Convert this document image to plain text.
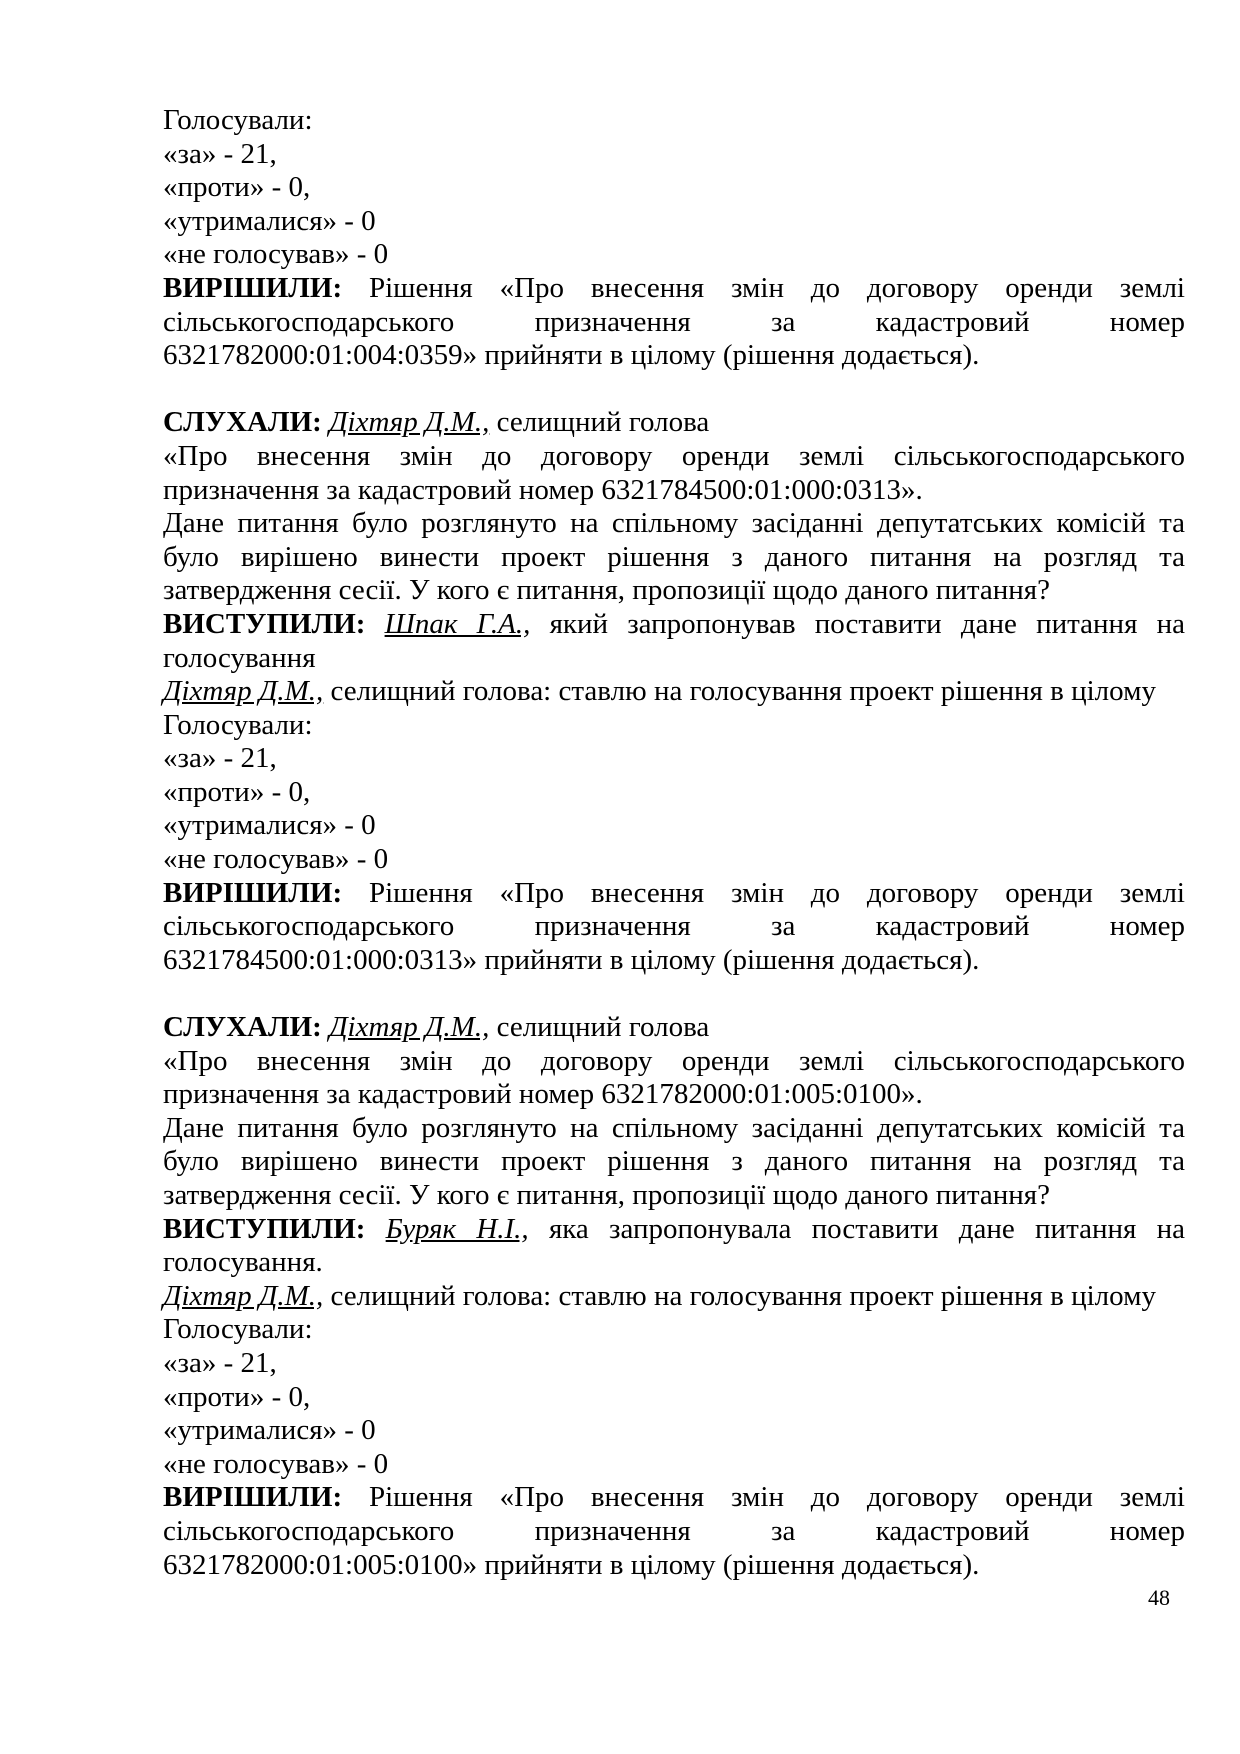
Голосували:
«за» - 21,
«проти» - 0,
«утрималися» - 0
«не голосував» - 0
ВИРІШИЛИ: Рішення «Про внесення змін до договору оренди землі
сільськогосподарського призначення за кадастровий номер
6321782000:01:004:0359» прийняти в цілому (рішення додається).
СЛУХАЛИ: Діхтяр Д.М., селищний голова
«Про внесення змін до договору оренди землі сільськогосподарського
призначення за кадастровий номер 6321784500:01:000:0313».
Дане питання було розглянуто на спільному засіданні депутатських комісій та
було вирішено винести проект рішення з даного питання на розгляд та
затвердження сесії. У кого є питання, пропозиції щодо даного питання?
ВИСТУПИЛИ: Шпак Г.А., який запропонував поставити дане питання на
голосування
Діхтяр Д.М., селищний голова: ставлю на голосування проект рішення в цілому
Голосували:
«за» - 21,
«проти» - 0,
«утрималися» - 0
«не голосував» - 0
ВИРІШИЛИ: Рішення «Про внесення змін до договору оренди землі
сільськогосподарського призначення за кадастровий номер
6321784500:01:000:0313» прийняти в цілому (рішення додається).
СЛУХАЛИ: Діхтяр Д.М., селищний голова
«Про внесення змін до договору оренди землі сільськогосподарського
призначення за кадастровий номер 6321782000:01:005:0100».
Дане питання було розглянуто на спільному засіданні депутатських комісій та
було вирішено винести проект рішення з даного питання на розгляд та
затвердження сесії. У кого є питання, пропозиції щодо даного питання?
ВИСТУПИЛИ: Буряк Н.І., яка запропонувала поставити дане питання на
голосування.
Діхтяр Д.М., селищний голова: ставлю на голосування проект рішення в цілому
Голосували:
«за» - 21,
«проти» - 0,
«утрималися» - 0
«не голосував» - 0
ВИРІШИЛИ: Рішення «Про внесення змін до договору оренди землі
сільськогосподарського призначення за кадастровий номер
6321782000:01:005:0100» прийняти в цілому (рішення додається).
48
